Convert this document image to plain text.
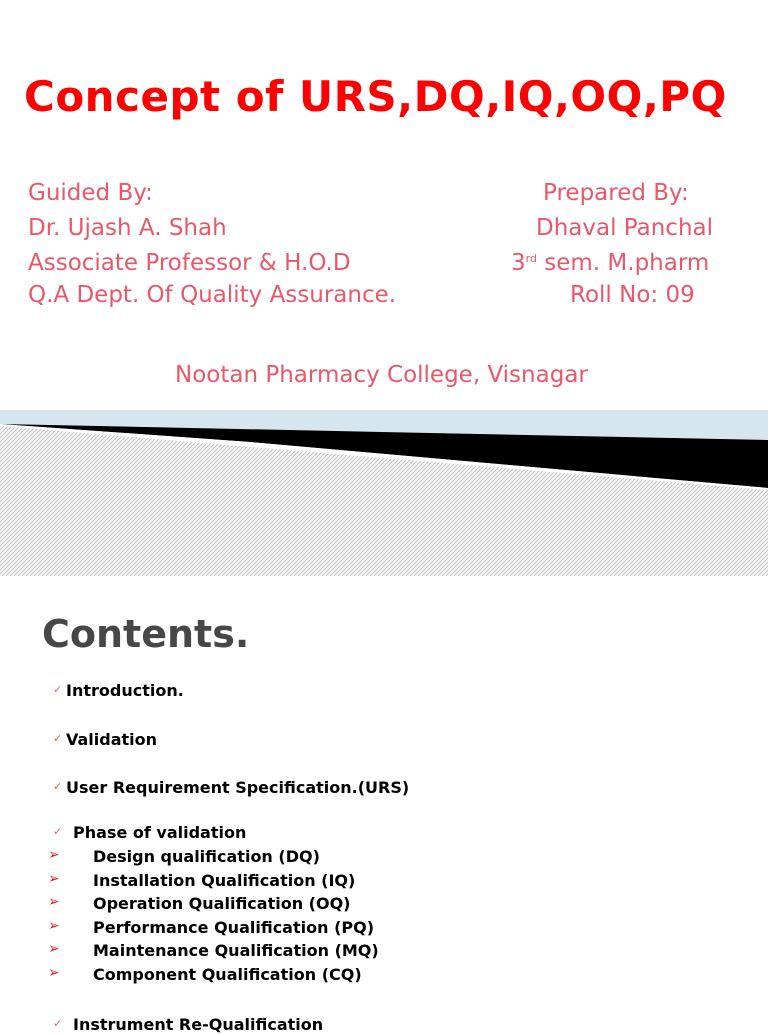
Concept of URS,DQ,IQ,OQ,PQ
Guided By:
Dr. Ujash A. Shah
Associate Professor & H.O.D
Q.A Dept. Of Quality Assurance.
Prepared By:
Dhaval Panchal
3rd sem. M.pharm
Roll No: 09
Nootan Pharmacy College, Visnagar
Contents.
✓ Introduction.
✓ Validation
✓ User Requirement Specification.(URS)
✓ Phase of validation
➢ Design qualification (DQ)
➢ Installation Qualification (IQ)
➢ Operation Qualification (OQ)
➢ Performance Qualification (PQ)
➢ Maintenance Qualification (MQ)
➢ Component Qualification (CQ)
✓ Instrument Re-Qualification
